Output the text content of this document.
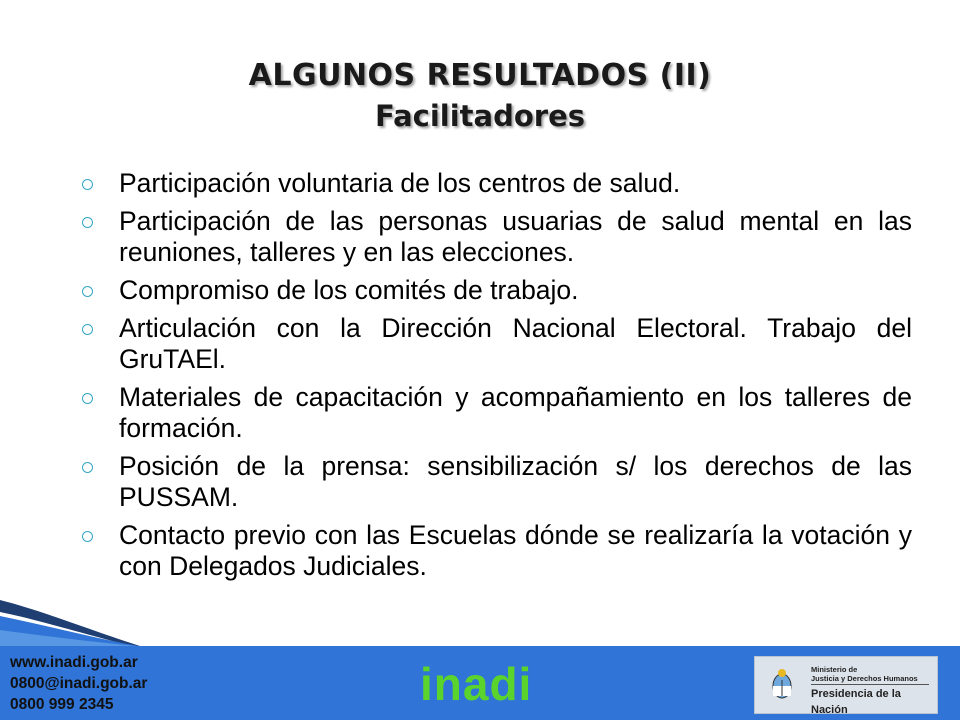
ALGUNOS RESULTADOS (II)
Facilitadores
Participación voluntaria de los centros de salud.
Participación de las personas usuarias de salud mental en las reuniones, talleres y en las elecciones.
Compromiso de los comités de trabajo.
Articulación con la Dirección Nacional Electoral. Trabajo del GruTAEl.
Materiales de capacitación y acompañamiento en los talleres de formación.
Posición de la prensa: sensibilización s/ los derechos de las PUSSAM.
Contacto previo con las Escuelas dónde se realizaría la votación y con Delegados Judiciales.
www.inadi.gob.ar
0800@inadi.gob.ar
0800 999 2345	inadi	Ministerio de
Justicia y Derechos Humanos
Presidencia de la Nación
